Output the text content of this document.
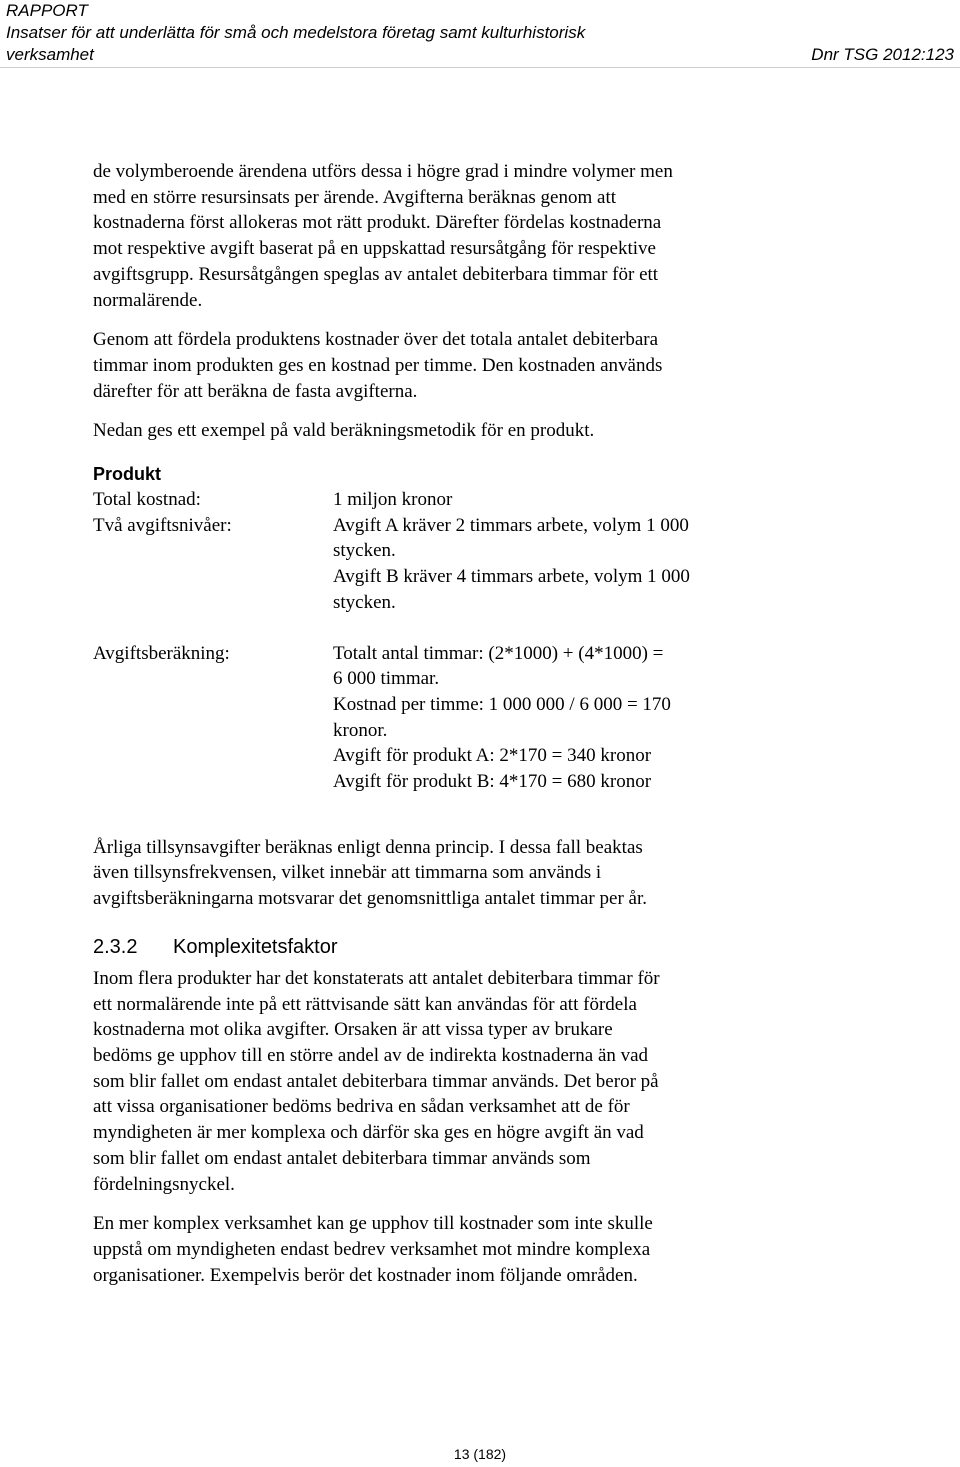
RAPPORT
Insatser för att underlätta för små och medelstora företag samt kulturhistorisk
verksamhet	Dnr TSG 2012:123

de volymberoende ärendena utförs dessa i högre grad i mindre volymer men
med en större resursinsats per ärende. Avgifterna beräknas genom att
kostnaderna först allokeras mot rätt produkt. Därefter fördelas kostnaderna
mot respektive avgift baserat på en uppskattad resursåtgång för respektive
avgiftsgrupp. Resursåtgången speglas av antalet debiterbara timmar för ett
normalärende.

Genom att fördela produktens kostnader över det totala antalet debiterbara
timmar inom produkten ges en kostnad per timme. Den kostnaden används
därefter för att beräkna de fasta avgifterna.

Nedan ges ett exempel på vald beräkningsmetodik för en produkt.

Produkt
Total kostnad:	1 miljon kronor
Två avgiftsnivåer:	Avgift A kräver 2 timmars arbete, volym 1 000
stycken.
Avgift B kräver 4 timmars arbete, volym 1 000
stycken.
Avgiftsberäkning:	Totalt antal timmar: (2*1000) + (4*1000) =
6 000 timmar.
Kostnad per timme: 1 000 000 / 6 000 = 170
kronor.
Avgift för produkt A: 2*170 = 340 kronor
Avgift för produkt B: 4*170 = 680 kronor

Årliga tillsynsavgifter beräknas enligt denna princip. I dessa fall beaktas
även tillsynsfrekvensen, vilket innebär att timmarna som används i
avgiftsberäkningarna motsvarar det genomsnittliga antalet timmar per år.

2.3.2 Komplexitetsfaktor

Inom flera produkter har det konstaterats att antalet debiterbara timmar för
ett normalärende inte på ett rättvisande sätt kan användas för att fördela
kostnaderna mot olika avgifter. Orsaken är att vissa typer av brukare
bedöms ge upphov till en större andel av de indirekta kostnaderna än vad
som blir fallet om endast antalet debiterbara timmar används. Det beror på
att vissa organisationer bedöms bedriva en sådan verksamhet att de för
myndigheten är mer komplexa och därför ska ges en högre avgift än vad
som blir fallet om endast antalet debiterbara timmar används som
fördelningsnyckel.

En mer komplex verksamhet kan ge upphov till kostnader som inte skulle
uppstå om myndigheten endast bedrev verksamhet mot mindre komplexa
organisationer. Exempelvis berör det kostnader inom följande områden.

13 (182)
